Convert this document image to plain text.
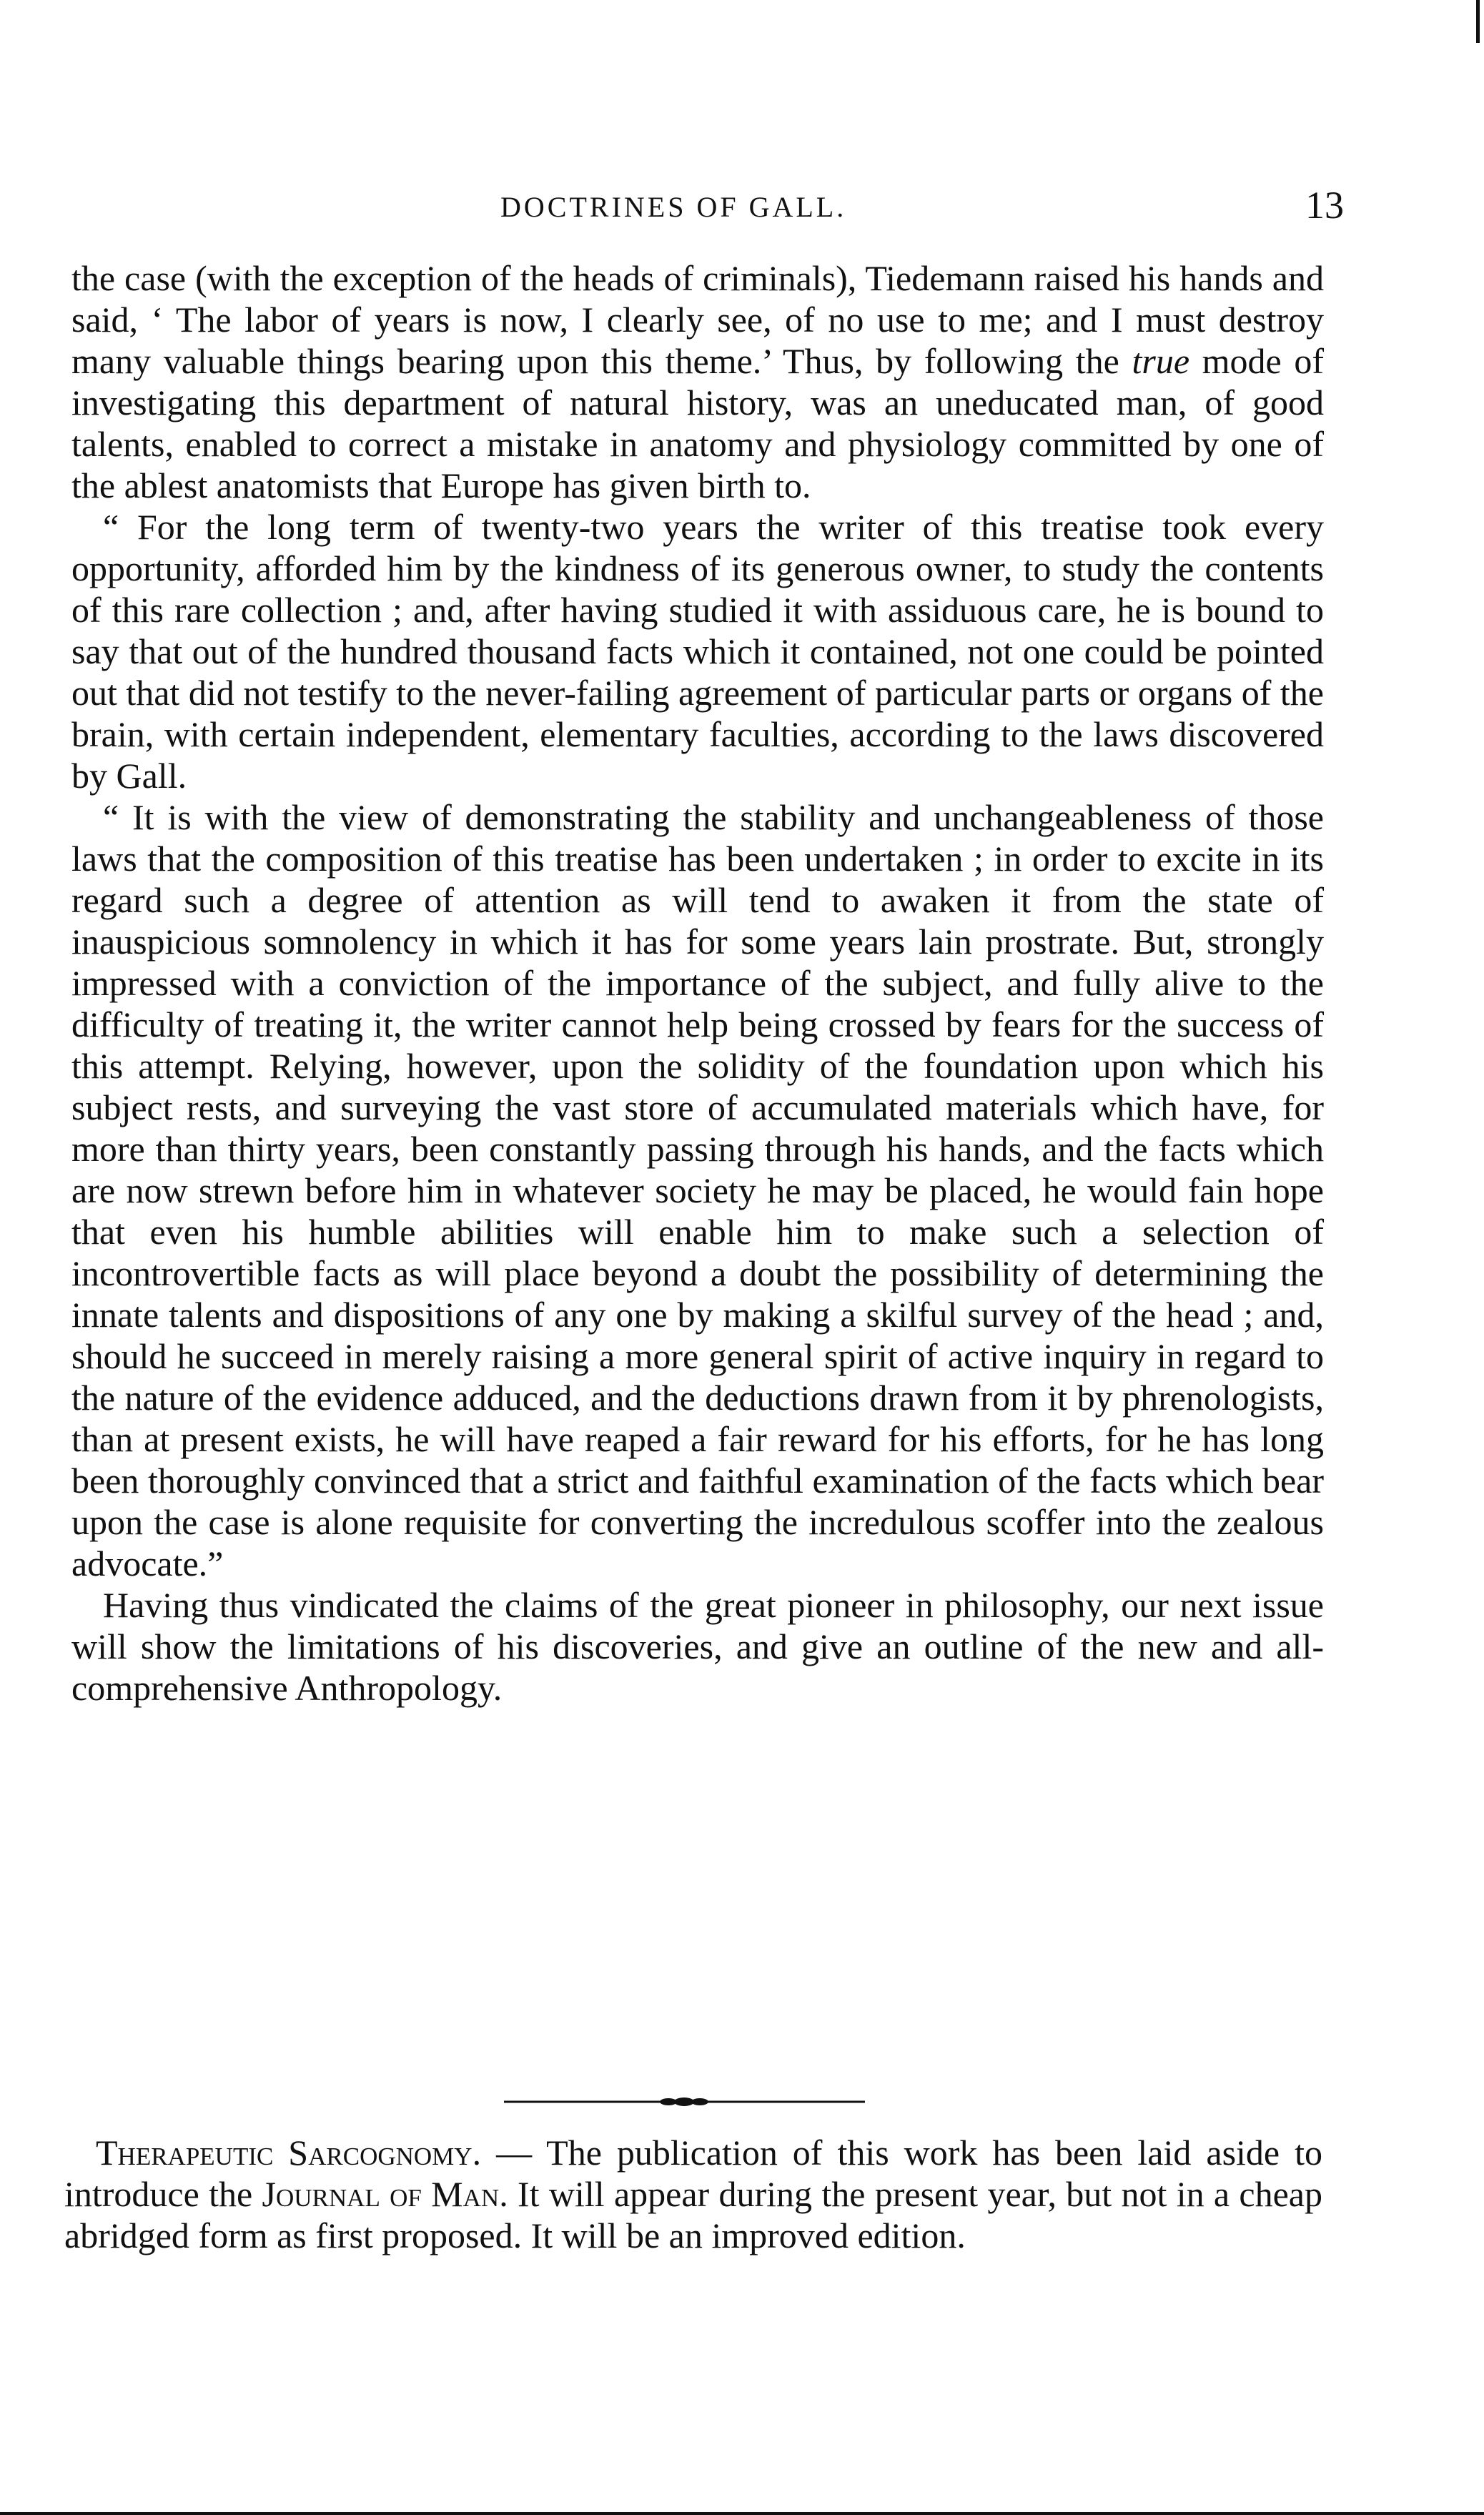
DOCTRINES OF GALL.	13

the case (with the exception of the heads of criminals), Tiedemann raised his hands and said, ‘ The labor of years is now, I clearly see, of no use to me; and I must destroy many valuable things bearing upon this theme.’ Thus, by following the true mode of investigating this department of natural history, was an uneducated man, of good talents, enabled to correct a mistake in anatomy and physiology committed by one of the ablest anatomists that Europe has given birth to.

“ For the long term of twenty-two years the writer of this treatise took every opportunity, afforded him by the kindness of its generous owner, to study the contents of this rare collection ; and, after having studied it with assiduous care, he is bound to say that out of the hundred thousand facts which it contained, not one could be pointed out that did not testify to the never-failing agreement of particular parts or organs of the brain, with certain independent, elementary faculties, according to the laws discovered by Gall.

“ It is with the view of demonstrating the stability and unchangeableness of those laws that the composition of this treatise has been undertaken ; in order to excite in its regard such a degree of attention as will tend to awaken it from the state of inauspicious somnolency in which it has for some years lain prostrate. But, strongly impressed with a conviction of the importance of the subject, and fully alive to the difficulty of treating it, the writer cannot help being crossed by fears for the success of this attempt. Relying, however, upon the solidity of the foundation upon which his subject rests, and surveying the vast store of accumulated materials which have, for more than thirty years, been constantly passing through his hands, and the facts which are now strewn before him in whatever society he may be placed, he would fain hope that even his humble abilities will enable him to make such a selection of incontrovertible facts as will place beyond a doubt the possibility of determining the innate talents and dispositions of any one by making a skilful survey of the head ; and, should he succeed in merely raising a more general spirit of active inquiry in regard to the nature of the evidence adduced, and the deductions drawn from it by phrenologists, than at present exists, he will have reaped a fair reward for his efforts, for he has long been thoroughly convinced that a strict and faithful examination of the facts which bear upon the case is alone requisite for converting the incredulous scoffer into the zealous advocate.”

Having thus vindicated the claims of the great pioneer in philosophy, our next issue will show the limitations of his discoveries, and give an outline of the new and all-comprehensive Anthropology.

Therapeutic Sarcognomy. — The publication of this work has been laid aside to introduce the Journal of Man. It will appear during the present year, but not in a cheap abridged form as first proposed. It will be an improved edition.
